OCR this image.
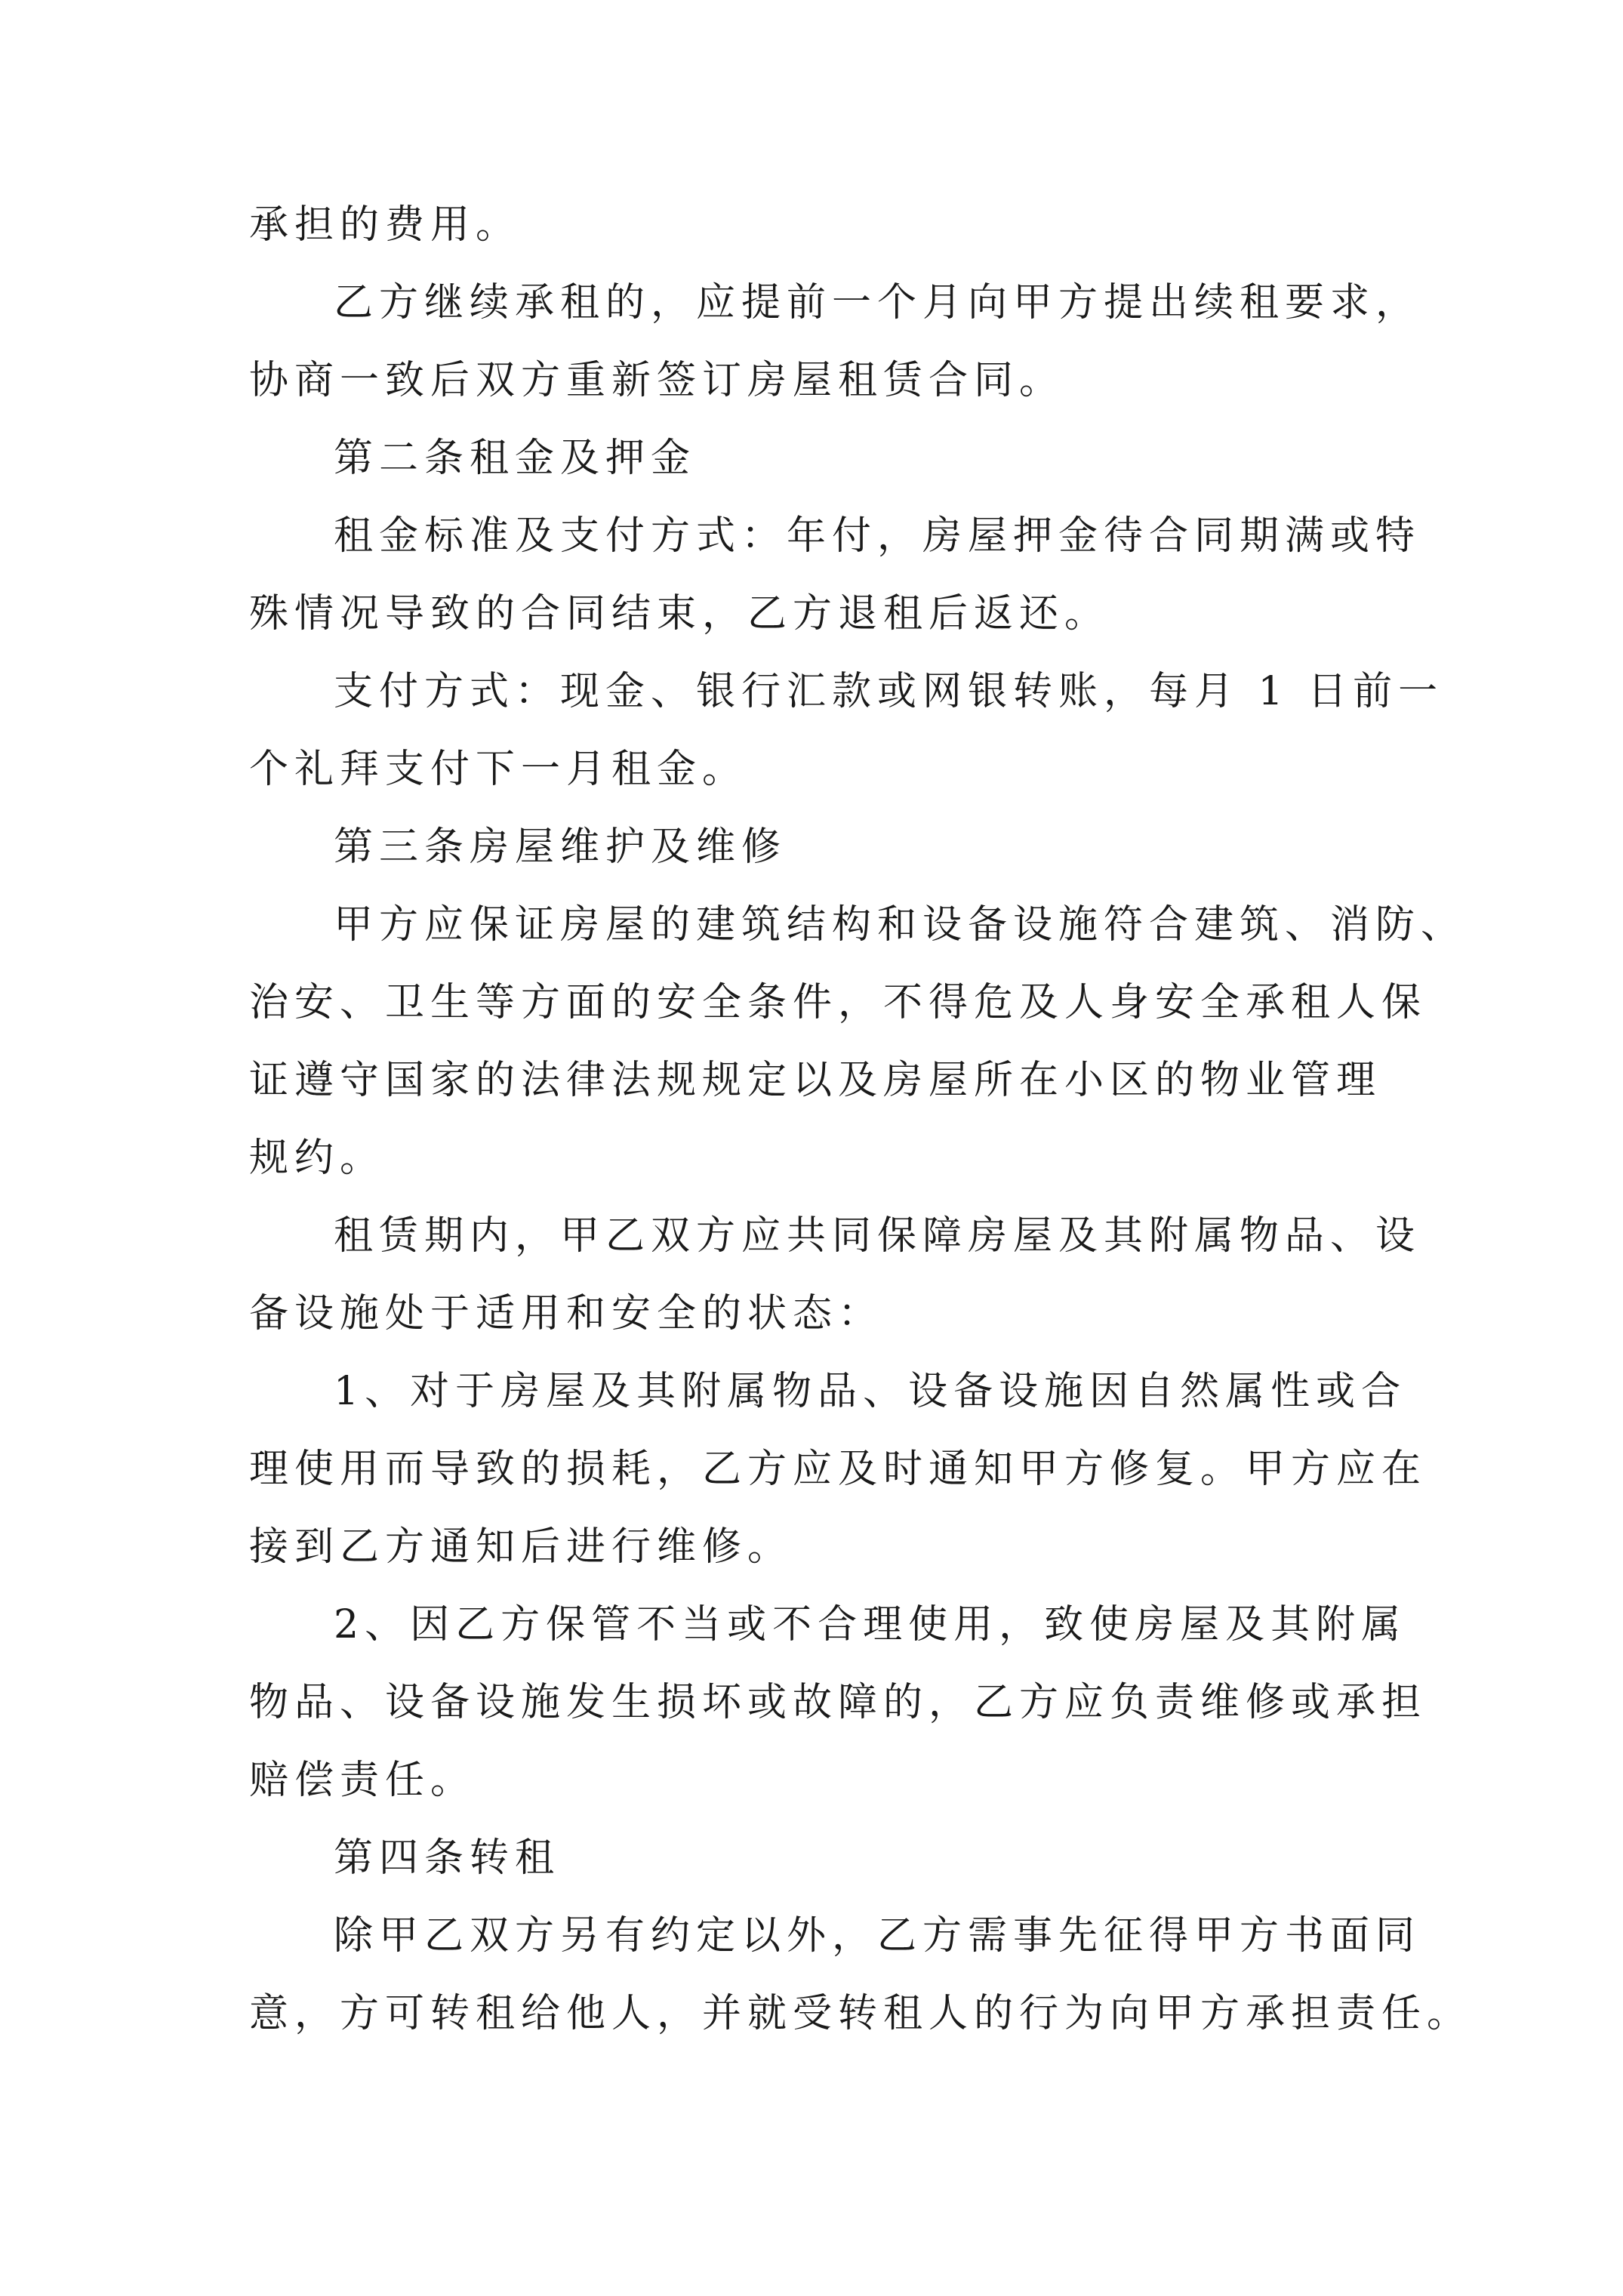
承担的费用。
乙方继续承租的，应提前一个月向甲方提出续租要求，
协商一致后双方重新签订房屋租赁合同。
第二条租金及押金
租金标准及支付方式：年付，房屋押金待合同期满或特
殊情况导致的合同结束，乙方退租后返还。
支付方式：现金、银行汇款或网银转账，每月 1 日前一
个礼拜支付下一月租金。
第三条房屋维护及维修
甲方应保证房屋的建筑结构和设备设施符合建筑、消防、
治安、卫生等方面的安全条件，不得危及人身安全承租人保
证遵守国家的法律法规规定以及房屋所在小区的物业管理
规约。
租赁期内，甲乙双方应共同保障房屋及其附属物品、设
备设施处于适用和安全的状态：
1、对于房屋及其附属物品、设备设施因自然属性或合
理使用而导致的损耗，乙方应及时通知甲方修复。甲方应在
接到乙方通知后进行维修。
2、因乙方保管不当或不合理使用，致使房屋及其附属
物品、设备设施发生损坏或故障的，乙方应负责维修或承担
赔偿责任。
第四条转租
除甲乙双方另有约定以外，乙方需事先征得甲方书面同
意，方可转租给他人，并就受转租人的行为向甲方承担责任。
